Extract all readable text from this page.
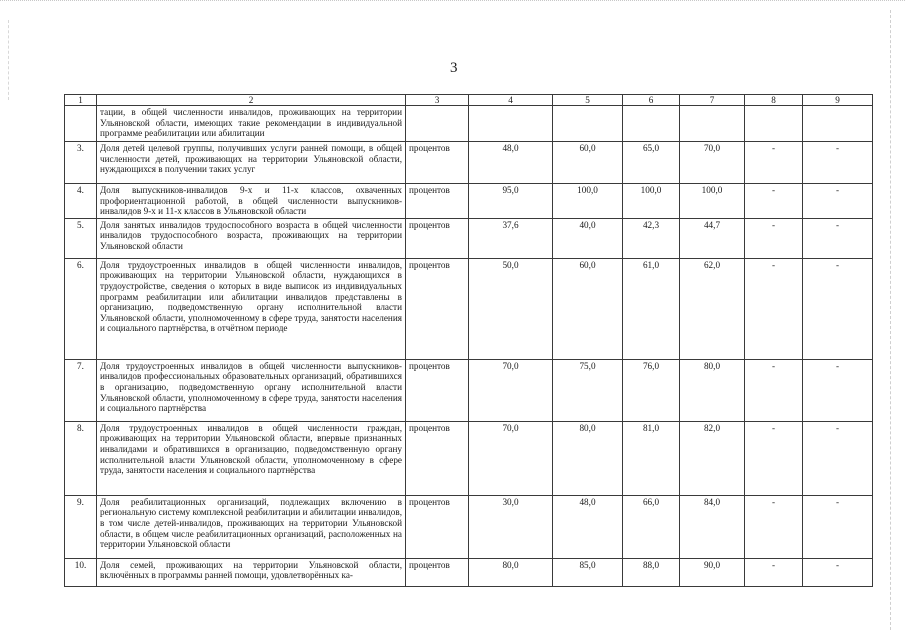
3
1	2	3	4	5	6	7	8	9
	тации, в общей численности инвалидов, проживающих на территории Ульяновской области, имеющих такие рекомендации в индивидуальной программе реабилитации или абилитации							
3.	Доля детей целевой группы, получивших услуги ранней помощи, в общей численности детей, проживающих на территории Ульяновской области, нуждающихся в получении таких услуг	процентов	48,0	60,0	65,0	70,0	-	-
4.	Доля выпускников-инвалидов 9-х и 11-х классов, охваченных профориентационной работой, в общей численности выпускников-инвалидов 9-х и 11-х классов в Ульяновской области	процентов	95,0	100,0	100,0	100,0	-	-
5.	Доля занятых инвалидов трудоспособного возраста в общей численности инвалидов трудоспособного возраста, проживающих на территории Ульяновской области	процентов	37,6	40,0	42,3	44,7	-	-
6.	Доля трудоустроенных инвалидов в общей численности инвалидов, проживающих на территории Ульяновской области, нуждающихся в трудоустройстве, сведения о которых в виде выписок из индивидуальных программ реабилитации или абилитации инвалидов представлены в организацию, подведомственную органу исполнительной власти Ульяновской области, уполномоченному в сфере труда, занятости населения и социального партнёрства, в отчётном периоде	процентов	50,0	60,0	61,0	62,0	-	-
7.	Доля трудоустроенных инвалидов в общей численности выпускников-инвалидов профессиональных образовательных организаций, обратившихся в организацию, подведомственную органу исполнительной власти Ульяновской области, уполномоченному в сфере труда, занятости населения и социального партнёрства	процентов	70,0	75,0	76,0	80,0	-	-
8.	Доля трудоустроенных инвалидов в общей численности граждан, проживающих на территории Ульяновской области, впервые признанных инвалидами и обратившихся в организацию, подведомственную органу исполнительной власти Ульяновской области, уполномоченному в сфере труда, занятости населения и социального партнёрства	процентов	70,0	80,0	81,0	82,0	-	-
9.	Доля реабилитационных организаций, подлежащих включению в региональную систему комплексной реабилитации и абилитации инвалидов, в том числе детей-инвалидов, проживающих на территории Ульяновской области, в общем числе реабилитационных организаций, расположенных на территории Ульяновской области	процентов	30,0	48,0	66,0	84,0	-	-
10.	Доля семей, проживающих на территории Ульяновской области, включённых в программы ранней помощи, удовлетворённых ка-	процентов	80,0	85,0	88,0	90,0	-	-
